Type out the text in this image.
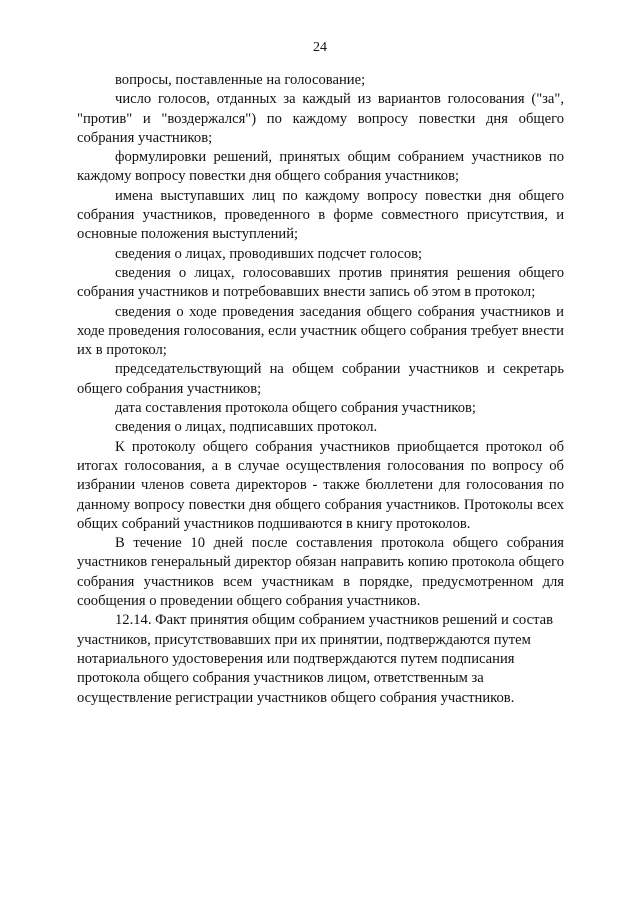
24

вопросы, поставленные на голосование;

число голосов, отданных за каждый из вариантов голосования ("за", "против" и "воздержался") по каждому вопросу повестки дня общего собрания участников;

формулировки решений, принятых общим собранием участников по каждому вопросу повестки дня общего собрания участников;

имена выступавших лиц по каждому вопросу повестки дня общего собрания участников, проведенного в форме совместного присутствия, и основные положения выступлений;

сведения о лицах, проводивших подсчет голосов;

сведения о лицах, голосовавших против принятия решения общего собрания участников и потребовавших внести запись об этом в протокол;

сведения о ходе проведения заседания общего собрания участников и ходе проведения голосования, если участник общего собрания требует внести их в протокол;

председательствующий на общем собрании участников и секретарь общего собрания участников;

дата составления протокола общего собрания участников;

сведения о лицах, подписавших протокол.

К протоколу общего собрания участников приобщается протокол об итогах голосования, а в случае осуществления голосования по вопросу об избрании членов совета директоров - также бюллетени для голосования по данному вопросу повестки дня общего собрания участников. Протоколы всех общих собраний участников подшиваются в книгу протоколов.

В течение 10 дней после составления протокола общего собрания участников генеральный директор обязан направить копию протокола общего собрания участников всем участникам в порядке, предусмотренном для сообщения о проведении общего собрания участников.

12.14. Факт принятия общим собранием участников решений и состав участников, присутствовавших при их принятии, подтверждаются путем нотариального удостоверения или подтверждаются путем подписания протокола общего собрания участников лицом, ответственным за осуществление регистрации участников общего собрания участников.
